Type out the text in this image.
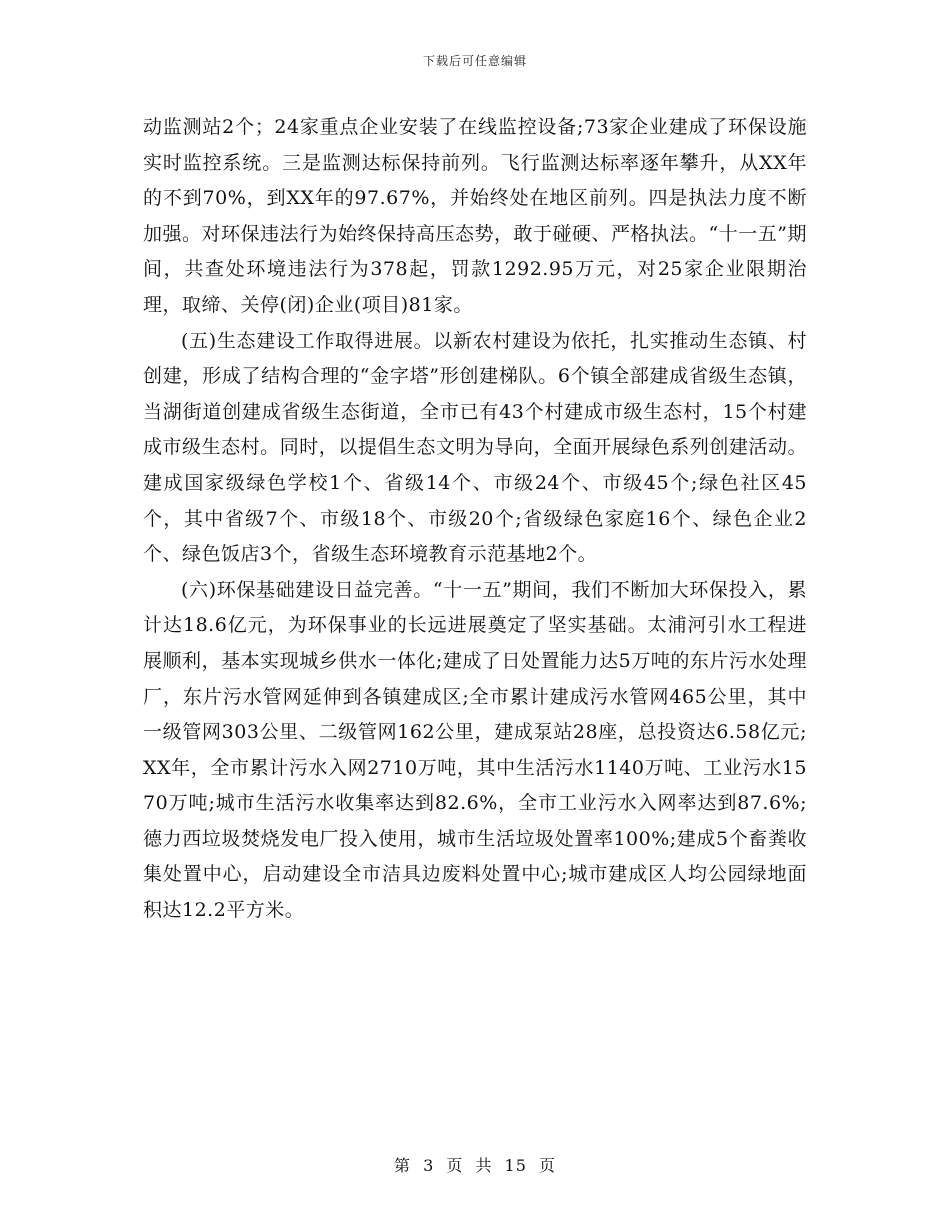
下载后可任意编辑

动监测站2个；24家重点企业安装了在线监控设备;73家企业建成了环保设施实时监控系统。三是监测达标保持前列。飞行监测达标率逐年攀升，从XX年的不到70%，到XX年的97.67%，并始终处在地区前列。四是执法力度不断加强。对环保违法行为始终保持高压态势，敢于碰硬、严格执法。“十一五”期间，共查处环境违法行为378起，罚款1292.95万元，对25家企业限期治理，取缔、关停(闭)企业(项目)81家。

(五)生态建设工作取得进展。以新农村建设为依托，扎实推动生态镇、村创建，形成了结构合理的“金字塔”形创建梯队。6个镇全部建成省级生态镇，当湖街道创建成省级生态街道，全市已有43个村建成市级生态村，15个村建成市级生态村。同时，以提倡生态文明为导向，全面开展绿色系列创建活动。建成国家级绿色学校1个、省级14个、市级24个、市级45个;绿色社区45个，其中省级7个、市级18个、市级20个;省级绿色家庭16个、绿色企业2个、绿色饭店3个，省级生态环境教育示范基地2个。

(六)环保基础建设日益完善。“十一五”期间，我们不断加大环保投入，累计达18.6亿元，为环保事业的长远进展奠定了坚实基础。太浦河引水工程进展顺利，基本实现城乡供水一体化;建成了日处置能力达5万吨的东片污水处理厂，东片污水管网延伸到各镇建成区;全市累计建成污水管网465公里，其中一级管网303公里、二级管网162公里，建成泵站28座，总投资达6.58亿元;XX年，全市累计污水入网2710万吨，其中生活污水1140万吨、工业污水1570万吨;城市生活污水收集率达到82.6%，全市工业污水入网率达到87.6%;德力西垃圾焚烧发电厂投入使用，城市生活垃圾处置率100%;建成5个畜粪收集处置中心，启动建设全市洁具边废料处置中心;城市建成区人均公园绿地面积达12.2平方米。

第 3 页 共 15 页
